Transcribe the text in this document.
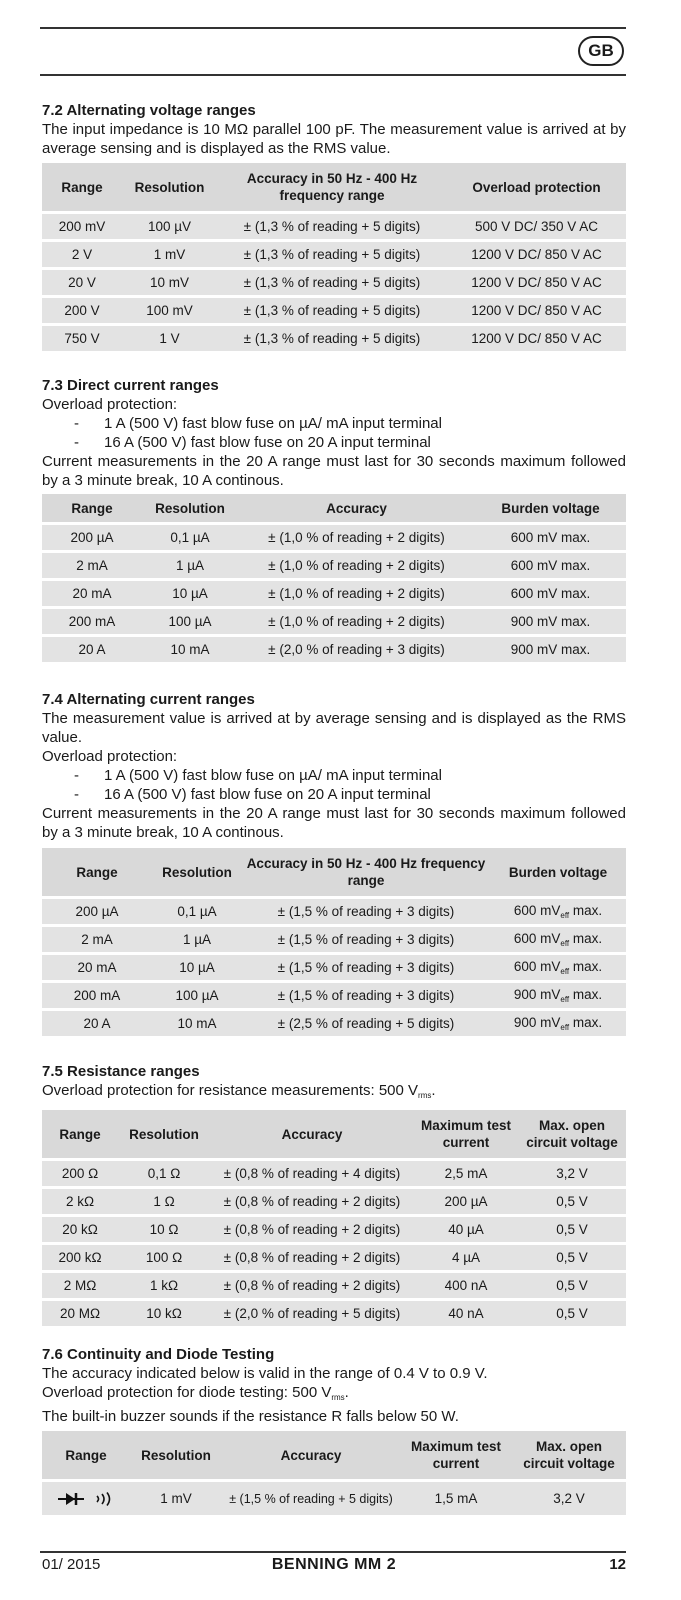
GB

7.2 Alternating voltage ranges

The input impedance is 10 MΩ parallel 100 pF. The measurement value is arrived at by average sensing and is displayed as the RMS value.

Range	Resolution	Accuracy in 50 Hz - 400 Hz frequency range	Overload protection
200 mV	100 µV	± (1,3 % of reading + 5 digits)	500 V DC/ 350 V AC
2 V	1 mV	± (1,3 % of reading + 5 digits)	1200 V DC/ 850 V AC
20 V	10 mV	± (1,3 % of reading + 5 digits)	1200 V DC/ 850 V AC
200 V	100 mV	± (1,3 % of reading + 5 digits)	1200 V DC/ 850 V AC
750 V	1 V	± (1,3 % of reading + 5 digits)	1200 V DC/ 850 V AC

7.3 Direct current ranges

Overload protection:

- 1 A (500 V) fast blow fuse on µA/ mA input terminal

- 16 A (500 V) fast blow fuse on 20 A input terminal

Current measurements in the 20 A range must last for 30 seconds maximum followed by a 3 minute break, 10 A continous.

Range	Resolution	Accuracy	Burden voltage
200 µA	0,1 µA	± (1,0 % of reading + 2 digits)	600 mV max.
2 mA	1 µA	± (1,0 % of reading + 2 digits)	600 mV max.
20 mA	10 µA	± (1,0 % of reading + 2 digits)	600 mV max.
200 mA	100 µA	± (1,0 % of reading + 2 digits)	900 mV max.
20 A	10 mA	± (2,0 % of reading + 3 digits)	900 mV max.

7.4 Alternating current ranges

The measurement value is arrived at by average sensing and is displayed as the RMS value.

Overload protection:

- 1 A (500 V) fast blow fuse on µA/ mA input terminal

- 16 A (500 V) fast blow fuse on 20 A input terminal

Current measurements in the 20 A range must last for 30 seconds maximum followed by a 3 minute break, 10 A continous.

Range	Resolution	Accuracy in 50 Hz - 400 Hz frequency range	Burden voltage
200 µA	0,1 µA	± (1,5 % of reading + 3 digits)	600 $mV_{eff}$ max.
2 mA	1 µA	± (1,5 % of reading + 3 digits)	600 $mV_{eff}$ max.
20 mA	10 µA	± (1,5 % of reading + 3 digits)	600 $mV_{eff}$ max.
200 mA	100 µA	± (1,5 % of reading + 3 digits)	900 $mV_{eff}$ max.
20 A	10 mA	± (2,5 % of reading + 5 digits)	900 $mV_{eff}$ max.

7.5 Resistance ranges

Overload protection for resistance measurements: 500 $V_{rms}$.

Range	Resolution	Accuracy	Maximum test current	Max. open circuit voltage
200 Ω	0,1 Ω	± (0,8 % of reading + 4 digits)	2,5 mA	3,2 V
2 kΩ	1 Ω	± (0,8 % of reading + 2 digits)	200 µA	0,5 V
20 kΩ	10 Ω	± (0,8 % of reading + 2 digits)	40 µA	0,5 V
200 kΩ	100 Ω	± (0,8 % of reading + 2 digits)	4 µA	0,5 V
2 MΩ	1 kΩ	± (0,8 % of reading + 2 digits)	400 nA	0,5 V
20 MΩ	10 kΩ	± (2,0 % of reading + 5 digits)	40 nA	0,5 V

7.6 Continuity and Diode Testing

The accuracy indicated below is valid in the range of 0.4 V to 0.9 V.

Overload protection for diode testing: 500 $V_{rms}$.

The built-in buzzer sounds if the resistance R falls below 50 W.

Range	Resolution	Accuracy	Maximum test current	Max. open circuit voltage
	1 mV	± (1,5 % of reading + 5 digits)	1,5 mA	3,2 V
01/ 2015	BENNING MM 2	12
